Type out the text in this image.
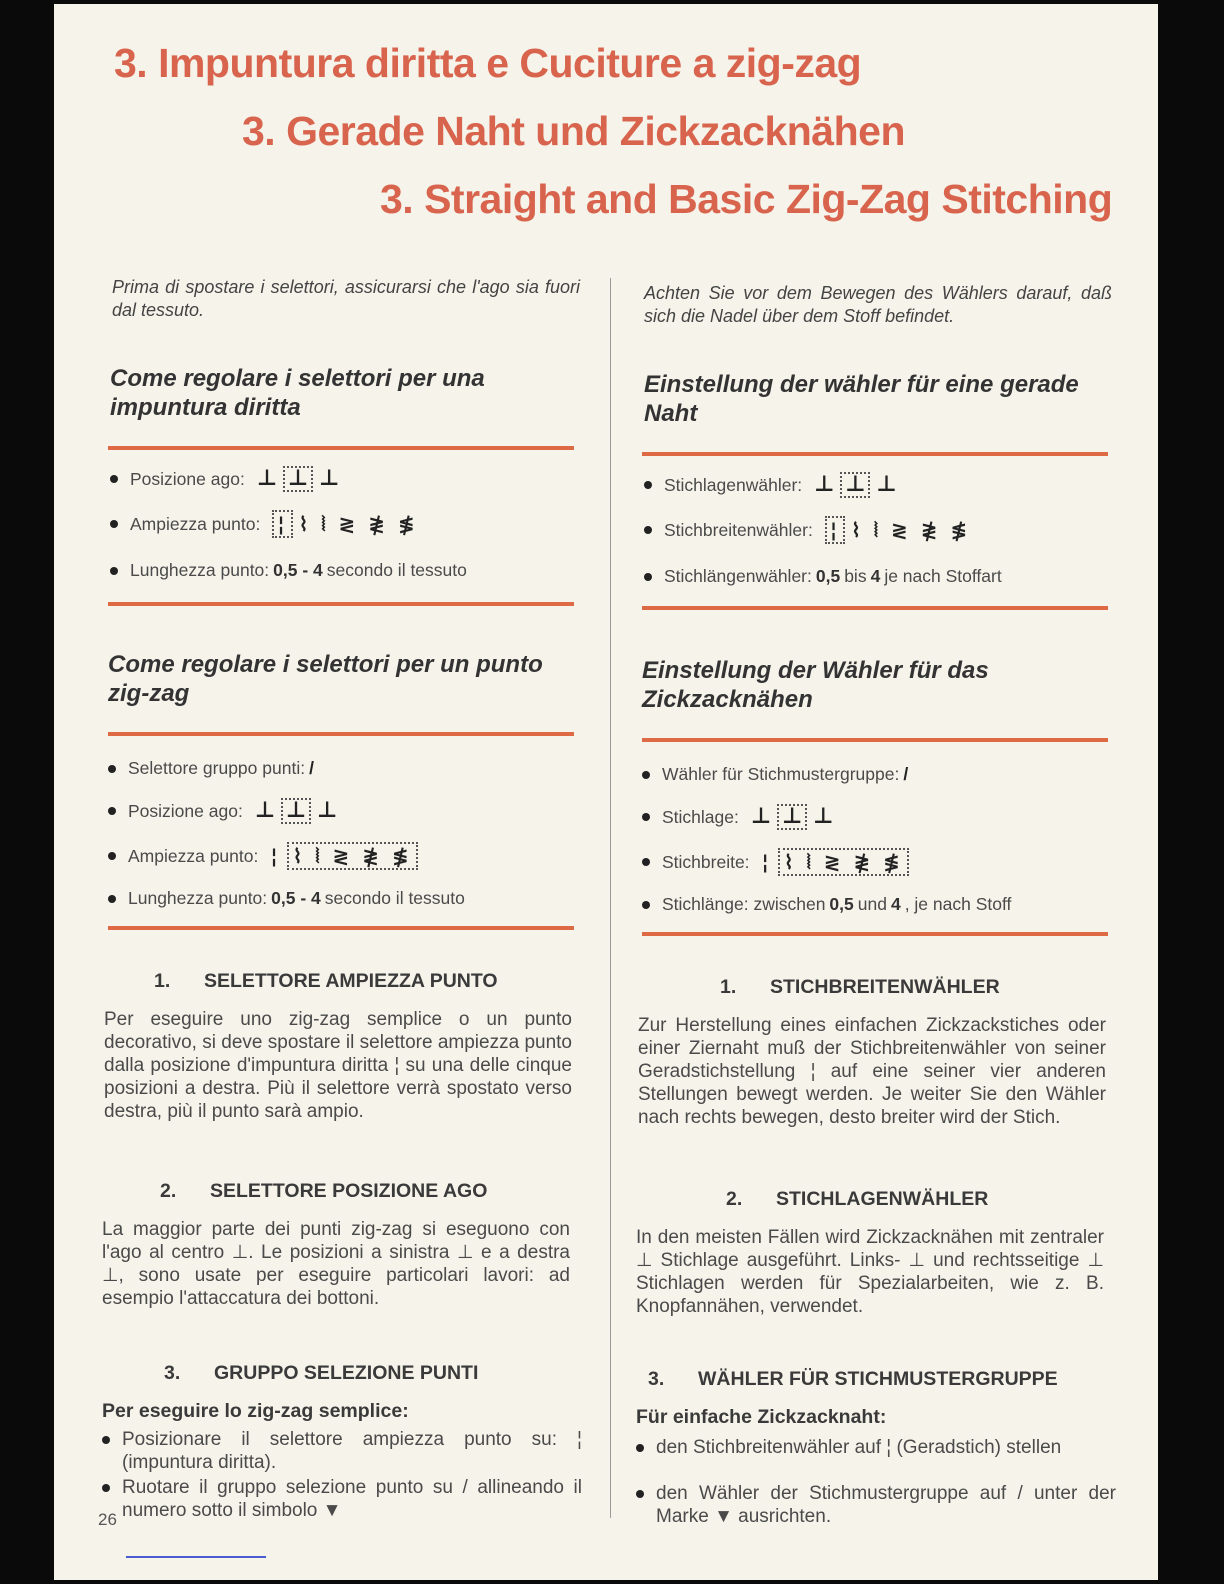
3. Impuntura diritta e Cuciture a zig-zag
3. Gerade Naht und Zickzacknähen
3. Straight and Basic Zig-Zag Stitching

Prima di spostare i selettori, assicurarsi che l'ago sia fuori dal tessuto.

Come regolare i selettori per una impuntura diritta
Posizione ago: ⊥ ⊥ ⊥
Ampiezza punto: ¦ ⌇ ⦚ ≷ ≹ ≸
Lunghezza punto: 0,5 - 4 secondo il tessuto
Come regolare i selettori per un punto zig-zag
Selettore gruppo punti: /
Posizione ago: ⊥ ⊥ ⊥
Ampiezza punto: ¦ ⌇ ⦚ ≷ ≹ ≸
Lunghezza punto: 0,5 - 4 secondo il tessuto
1. SELETTORE AMPIEZZA PUNTO

Per eseguire uno zig-zag semplice o un punto decorativo, si deve spostare il selettore ampiezza punto dalla posizione d'impuntura diritta ¦ su una delle cinque posizioni a destra. Più il selettore verrà spostato verso destra, più il punto sarà ampio.

2. SELETTORE POSIZIONE AGO

La maggior parte dei punti zig-zag si eseguono con l'ago al centro ⊥. Le posizioni a sinistra ⊥ e a destra ⊥, sono usate per eseguire particolari lavori: ad esempio l'attaccatura dei bottoni.

3. GRUPPO SELEZIONE PUNTI

Per eseguire lo zig-zag semplice:

Posizionare il selettore ampiezza punto su: ¦ (impuntura diritta).
Ruotare il gruppo selezione punto su / allineando il numero sotto il simbolo ▼

Achten Sie vor dem Bewegen des Wählers darauf, daß sich die Nadel über dem Stoff befindet.

Einstellung der wähler für eine gerade Naht
Stichlagenwähler: ⊥ ⊥ ⊥
Stichbreitenwähler: ¦ ⌇ ⦚ ≷ ≹ ≸
Stichlängenwähler: 0,5 bis 4 je nach Stoffart
Einstellung der Wähler für das Zickzacknähen
Wähler für Stichmustergruppe: /
Stichlage: ⊥ ⊥ ⊥
Stichbreite: ¦ ⌇ ⦚ ≷ ≹ ≸
Stichlänge: zwischen 0,5 und 4 , je nach Stoff
1. STICHBREITENWÄHLER

Zur Herstellung eines einfachen Zickzackstiches oder einer Ziernaht muß der Stichbreitenwähler von seiner Geradstichstellung ¦ auf eine seiner vier anderen Stellungen bewegt werden. Je weiter Sie den Wähler nach rechts bewegen, desto breiter wird der Stich.

2. STICHLAGENWÄHLER

In den meisten Fällen wird Zickzacknähen mit zentraler ⊥ Stichlage ausgeführt. Links- ⊥ und rechtsseitige ⊥ Stichlagen werden für Spezialarbeiten, wie z. B. Knopfannähen, verwendet.

3. WÄHLER FÜR STICHMUSTERGRUPPE

Für einfache Zickzacknaht:

den Stichbreitenwähler auf ¦ (Geradstich) stellen
den Wähler der Stichmustergruppe auf / unter der Marke ▼ ausrichten.
26
